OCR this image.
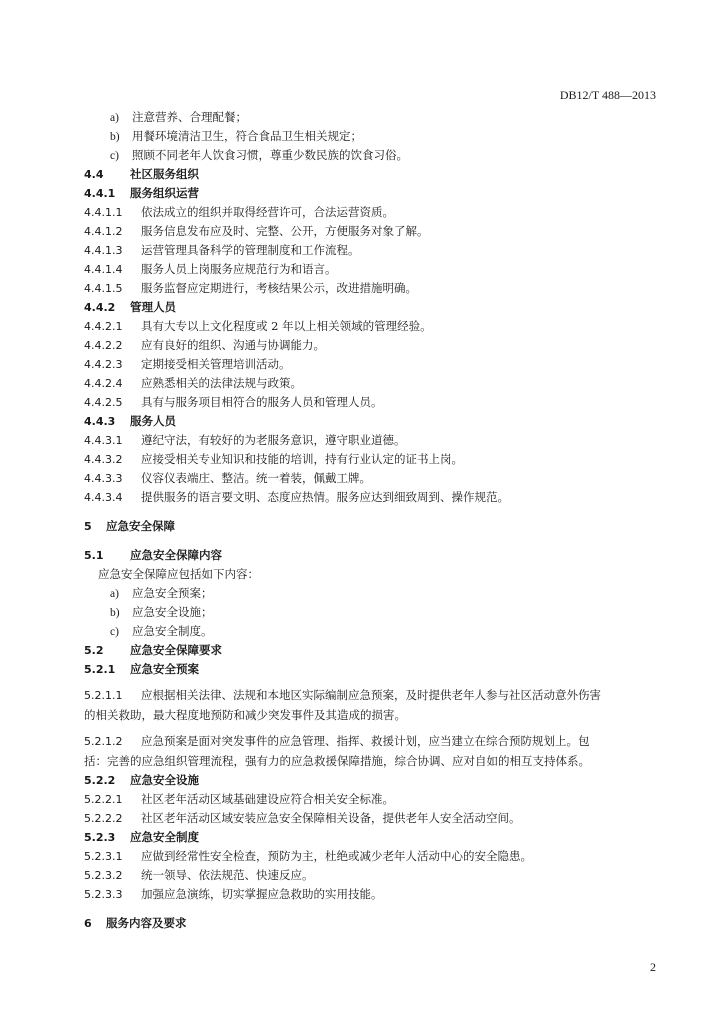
DB12/T 488—2013
a) 注意营养、合理配餐；
b) 用餐环境清洁卫生，符合食品卫生相关规定；
c) 照顾不同老年人饮食习惯，尊重少数民族的饮食习俗。
4.4 社区服务组织
4.4.1 服务组织运营
4.4.1.1 依法成立的组织并取得经营许可，合法运营资质。
4.4.1.2 服务信息发布应及时、完整、公开，方便服务对象了解。
4.4.1.3 运营管理具备科学的管理制度和工作流程。
4.4.1.4 服务人员上岗服务应规范行为和语言。
4.4.1.5 服务监督应定期进行，考核结果公示，改进措施明确。
4.4.2 管理人员
4.4.2.1 具有大专以上文化程度或 2 年以上相关领域的管理经验。
4.4.2.2 应有良好的组织、沟通与协调能力。
4.4.2.3 定期接受相关管理培训活动。
4.4.2.4 应熟悉相关的法律法规与政策。
4.4.2.5 具有与服务项目相符合的服务人员和管理人员。
4.4.3 服务人员
4.4.3.1 遵纪守法，有较好的为老服务意识，遵守职业道德。
4.4.3.2 应接受相关专业知识和技能的培训，持有行业认定的证书上岗。
4.4.3.3 仪容仪表端庄、整洁。统一着装，佩戴工牌。
4.4.3.4 提供服务的语言要文明、态度应热情。服务应达到细致周到、操作规范。
5 应急安全保障
5.1 应急安全保障内容
应急安全保障应包括如下内容：
a) 应急安全预案；
b) 应急安全设施；
c) 应急安全制度。
5.2 应急安全保障要求
5.2.1 应急安全预案
5.2.1.1 应根据相关法律、法规和本地区实际编制应急预案，及时提供老年人参与社区活动意外伤害
的相关救助，最大程度地预防和减少突发事件及其造成的损害。
5.2.1.2 应急预案是面对突发事件的应急管理、指挥、救援计划，应当建立在综合预防规划上。包
括：完善的应急组织管理流程，强有力的应急救援保障措施，综合协调、应对自如的相互支持体系。
5.2.2 应急安全设施
5.2.2.1 社区老年活动区域基础建设应符合相关安全标准。
5.2.2.2 社区老年活动区域安装应急安全保障相关设备，提供老年人安全活动空间。
5.2.3 应急安全制度
5.2.3.1 应做到经常性安全检查，预防为主，杜绝或减少老年人活动中心的安全隐患。
5.2.3.2 统一领导、依法规范、快速反应。
5.2.3.3 加强应急演练，切实掌握应急救助的实用技能。
6 服务内容及要求
2
